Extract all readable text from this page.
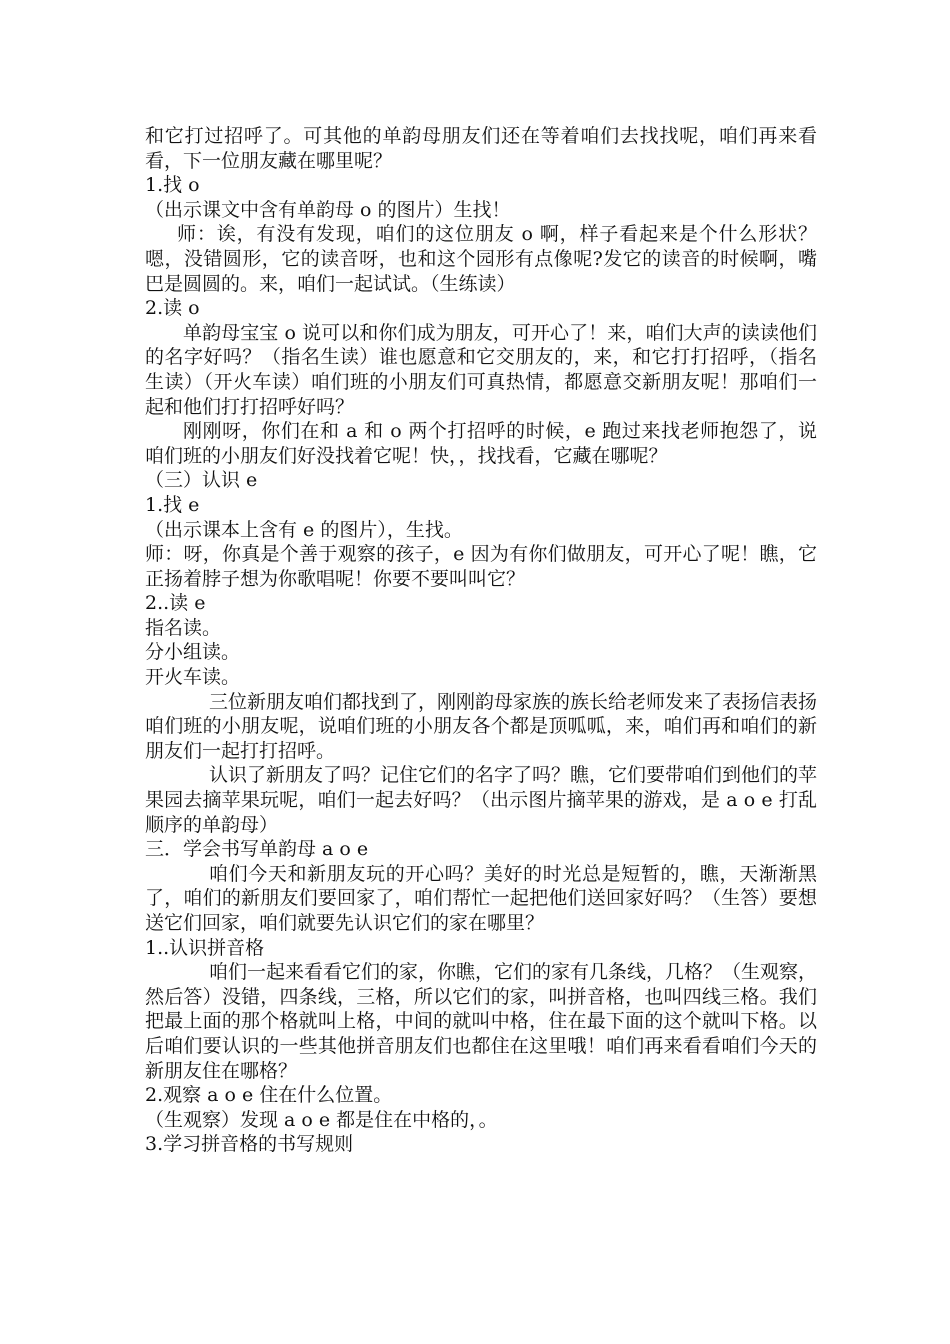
和它打过招呼了。可其他的单韵母朋友们还在等着咱们去找找呢，咱们再来看看，下一位朋友藏在哪里呢？

1.找 o

（出示课文中含有单韵母 o 的图片）生找！

师：诶，有没有发现，咱们的这位朋友 o 啊，样子看起来是个什么形状？嗯，没错圆形，它的读音呀，也和这个园形有点像呢?发它的读音的时候啊，嘴巴是圆圆的。来，咱们一起试试。（生练读）

2.读 o

单韵母宝宝 o 说可以和你们成为朋友，可开心了！来，咱们大声的读读他们的名字好吗？（指名生读）谁也愿意和它交朋友的，来，和它打打招呼，（指名生读）（开火车读）咱们班的小朋友们可真热情，都愿意交新朋友呢！那咱们一起和他们打打招呼好吗？

刚刚呀，你们在和 a 和 o 两个打招呼的时候，e 跑过来找老师抱怨了，说咱们班的小朋友们好没找着它呢！快，，找找看，它藏在哪呢？

（三）认识 e

1.找 e

（出示课本上含有 e 的图片），生找。

师：呀，你真是个善于观察的孩子，e 因为有你们做朋友，可开心了呢！瞧，它正扬着脖子想为你歌唱呢！你要不要叫叫它？

2..读 e

指名读。

分小组读。

开火车读。

三位新朋友咱们都找到了，刚刚韵母家族的族长给老师发来了表扬信表扬咱们班的小朋友呢，说咱们班的小朋友各个都是顶呱呱，来，咱们再和咱们的新朋友们一起打打招呼。

认识了新朋友了吗？记住它们的名字了吗？瞧，它们要带咱们到他们的苹果园去摘苹果玩呢，咱们一起去好吗？（出示图片摘苹果的游戏，是 a o e 打乱顺序的单韵母）

三．学会书写单韵母 a o e

咱们今天和新朋友玩的开心吗？美好的时光总是短暂的，瞧，天渐渐黑了，咱们的新朋友们要回家了，咱们帮忙一起把他们送回家好吗？（生答）要想送它们回家，咱们就要先认识它们的家在哪里？

1..认识拼音格

咱们一起来看看它们的家，你瞧，它们的家有几条线，几格？（生观察，然后答）没错，四条线，三格，所以它们的家，叫拼音格，也叫四线三格。我们把最上面的那个格就叫上格，中间的就叫中格，住在最下面的这个就叫下格。以后咱们要认识的一些其他拼音朋友们也都住在这里哦！咱们再来看看咱们今天的新朋友住在哪格？

2.观察 a o e 住在什么位置。

（生观察）发现 a o e 都是住在中格的，。

3.学习拼音格的书写规则
